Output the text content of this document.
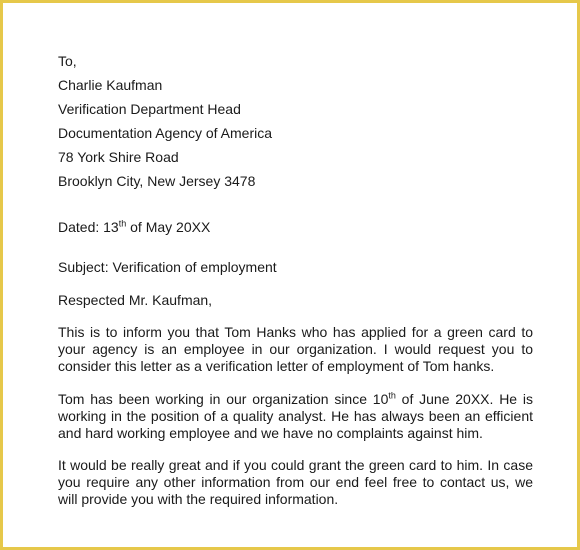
To,
Charlie Kaufman
Verification Department Head
Documentation Agency of America
78 York Shire Road
Brooklyn City, New Jersey 3478
Dated: 13th of May 20XX
Subject: Verification of employment
Respected Mr. Kaufman,
This is to inform you that Tom Hanks who has applied for a green card to your agency is an employee in our organization. I would request you to consider this letter as a verification letter of employment of Tom hanks.
Tom has been working in our organization since 10th of June 20XX. He is working in the position of a quality analyst. He has always been an efficient and hard working employee and we have no complaints against him.
It would be really great and if you could grant the green card to him. In case you require any other information from our end feel free to contact us, we will provide you with the required information.
